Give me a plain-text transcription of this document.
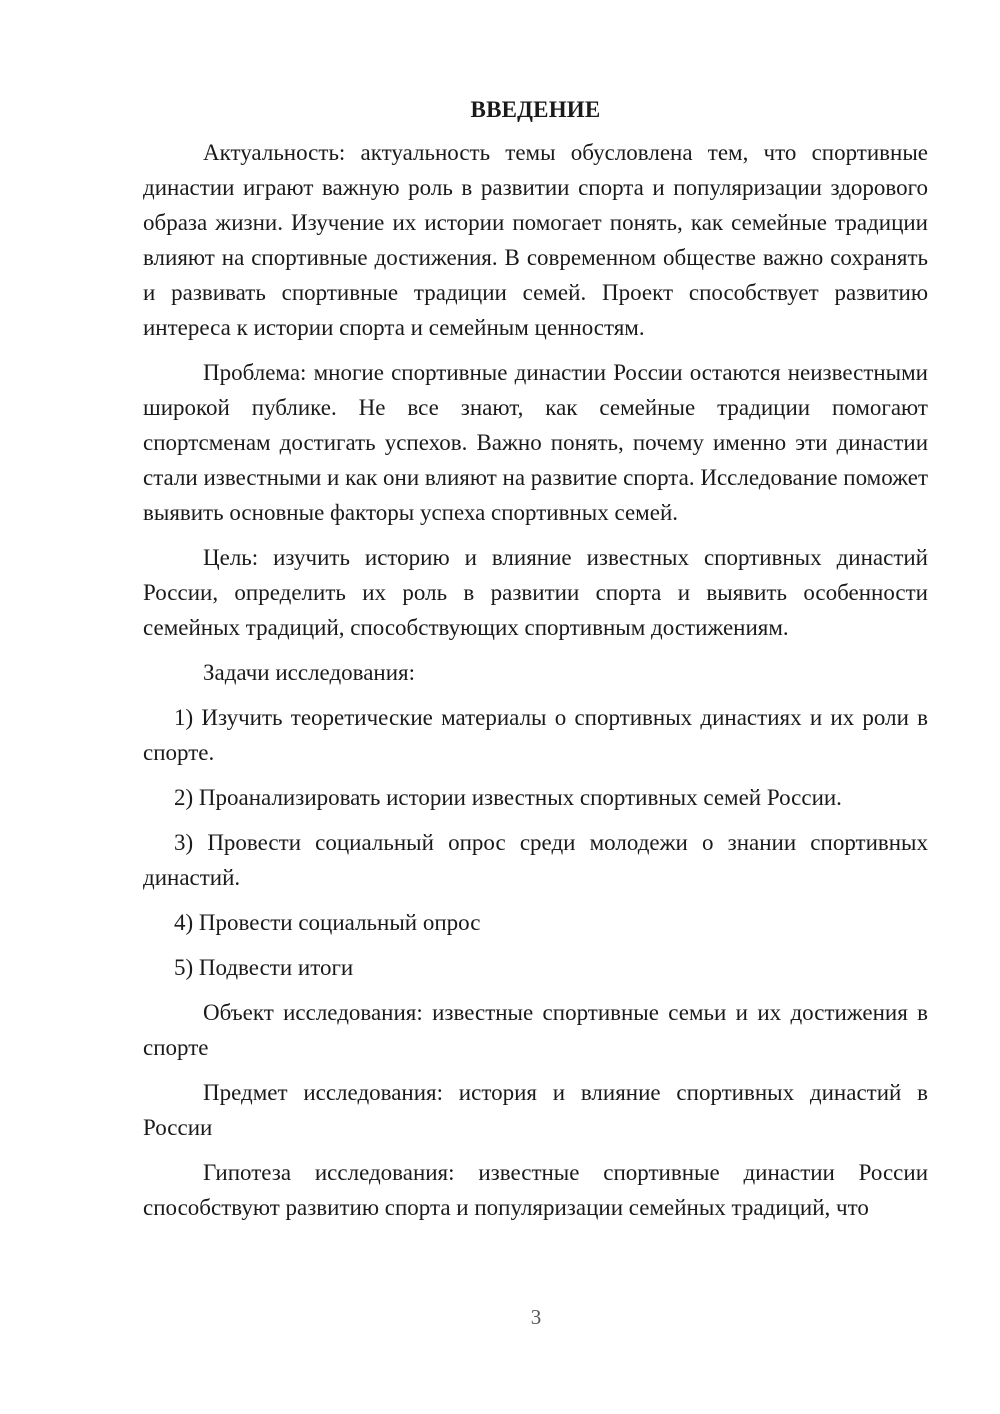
ВВЕДЕНИЕ

Актуальность: актуальность темы обусловлена тем, что спортивные династии играют важную роль в развитии спорта и популяризации здорового образа жизни. Изучение их истории помогает понять, как семейные традиции влияют на спортивные достижения. В современном обществе важно сохранять и развивать спортивные традиции семей. Проект способствует развитию интереса к истории спорта и семейным ценностям.

Проблема: многие спортивные династии России остаются неизвестными широкой публике. Не все знают, как семейные традиции помогают спортсменам достигать успехов. Важно понять, почему именно эти династии стали известными и как они влияют на развитие спорта. Исследование поможет выявить основные факторы успеха спортивных семей.

Цель: изучить историю и влияние известных спортивных династий России, определить их роль в развитии спорта и выявить особенности семейных традиций, способствующих спортивным достижениям.

Задачи исследования:

1) Изучить теоретические материалы о спортивных династиях и их роли в спорте.

2) Проанализировать истории известных спортивных семей России.

3) Провести социальный опрос среди молодежи о знании спортивных династий.

4) Провести социальный опрос

5) Подвести итоги

Объект исследования: известные спортивные семьи и их достижения в спорте

Предмет исследования: история и влияние спортивных династий в России

Гипотеза исследования: известные спортивные династии России способствуют развитию спорта и популяризации семейных традиций, что

3
